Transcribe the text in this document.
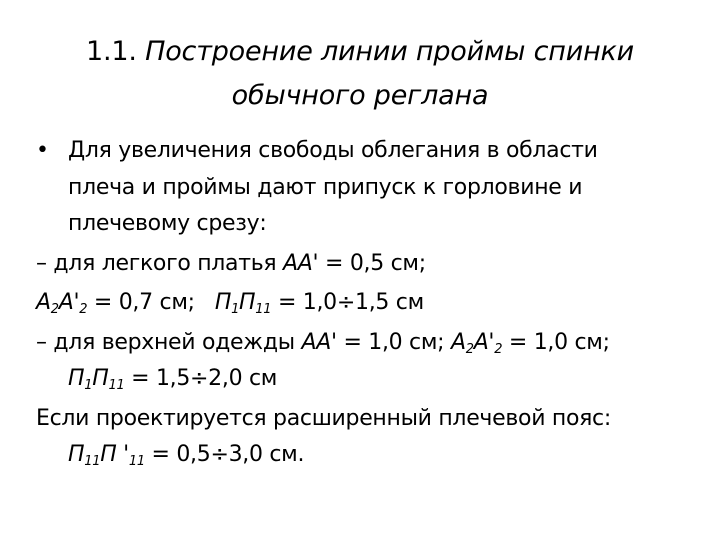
1.1. Построение линии проймы спинки
обычного реглана
• Для увеличения свободы облегания в области
плеча и проймы дают припуск к горловине и
плечевому срезу:
– для легкого платья АА' = 0,5 см;
$А_2А'_2 = 0,7$ см;   $П_1П_{11} = 1,0\div 1,5$ см
– для верхней одежды АА' = 1,0 см; $А_2А'_2 = 1,0$ см;
$П_1П_{11} = 1,5\div 2,0$ см
Если проектируется расширенный плечевой пояс:
$П_{11}П$ '$_{11} = 0,5\div 3,0$ см.
